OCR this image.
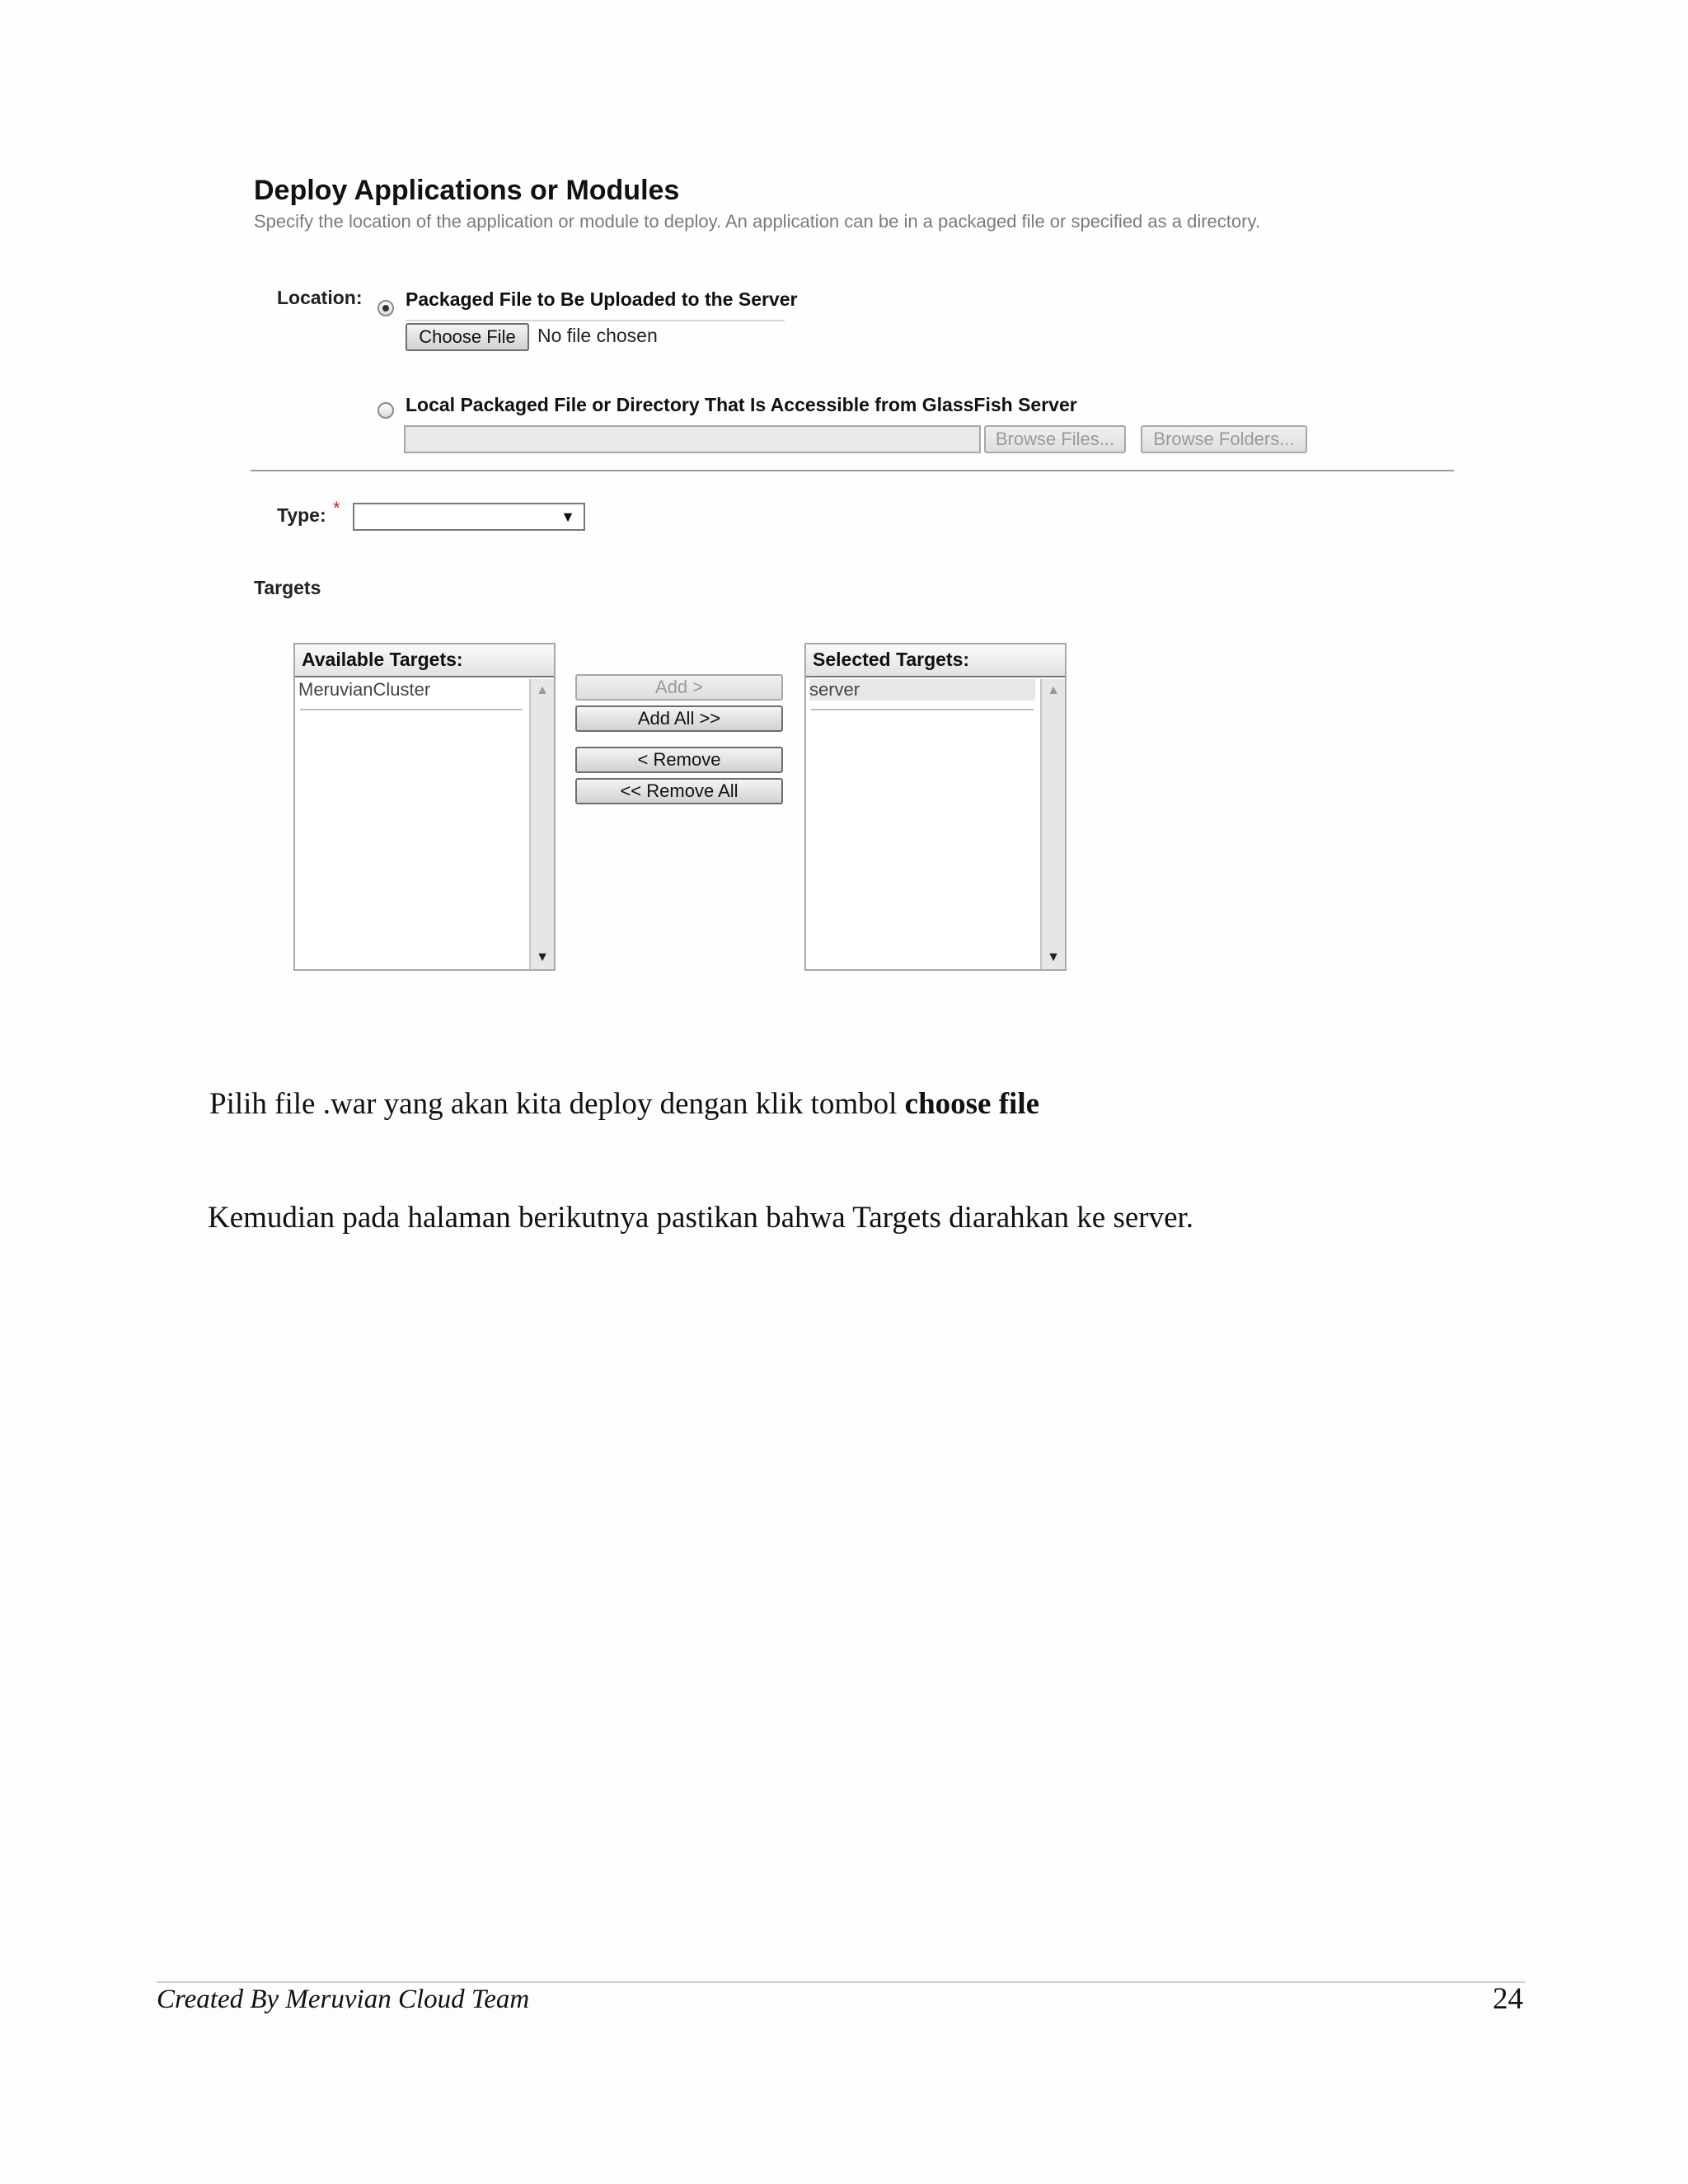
Deploy Applications or Modules
Specify the location of the application or module to deploy. An application can be in a packaged file or specified as a directory.
Location: Packaged File to Be Uploaded to the Server
Choose File	No file chosen
Local Packaged File or Directory That Is Accessible from GlassFish Server
Browse Files...	Browse Folders...
Type: *	▼
Targets
Available Targets:
MeruvianCluster	▲
▼
Add >
Add All >>
< Remove
<< Remove All
Selected Targets:
server	▲
▼
Pilih file .war yang akan kita deploy dengan klik tombol choose file
Kemudian pada halaman berikutnya pastikan bahwa Targets diarahkan ke server.
Created By Meruvian Cloud Team	24
